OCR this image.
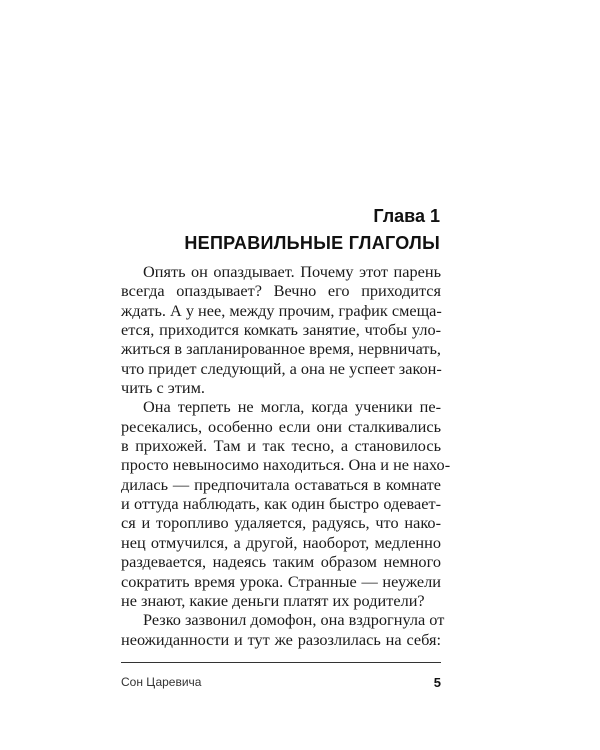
Глава 1
НЕПРАВИЛЬНЫЕ ГЛАГОЛЫ
Опять он опаздывает. Почему этот парень
всегда опаздывает? Вечно его приходится
ждать. А у нее, между прочим, график смеща-
ется, приходится комкать занятие, чтобы уло-
житься в запланированное время, нервничать,
что придет следующий, а она не успеет закон-
чить с этим.
Она терпеть не могла, когда ученики пе-
ресекались, особенно если они сталкивались
в прихожей. Там и так тесно, а становилось
просто невыносимо находиться. Она и не нахо-
дилась — предпочитала оставаться в комнате
и оттуда наблюдать, как один быстро одевает-
ся и торопливо удаляется, радуясь, что нако-
нец отмучился, а другой, наоборот, медленно
раздевается, надеясь таким образом немного
сократить время урока. Странные — неужели
не знают, какие деньги платят их родители?
Резко зазвонил домофон, она вздрогнула от
неожиданности и тут же разозлилась на себя:
Сон Царевича	5
